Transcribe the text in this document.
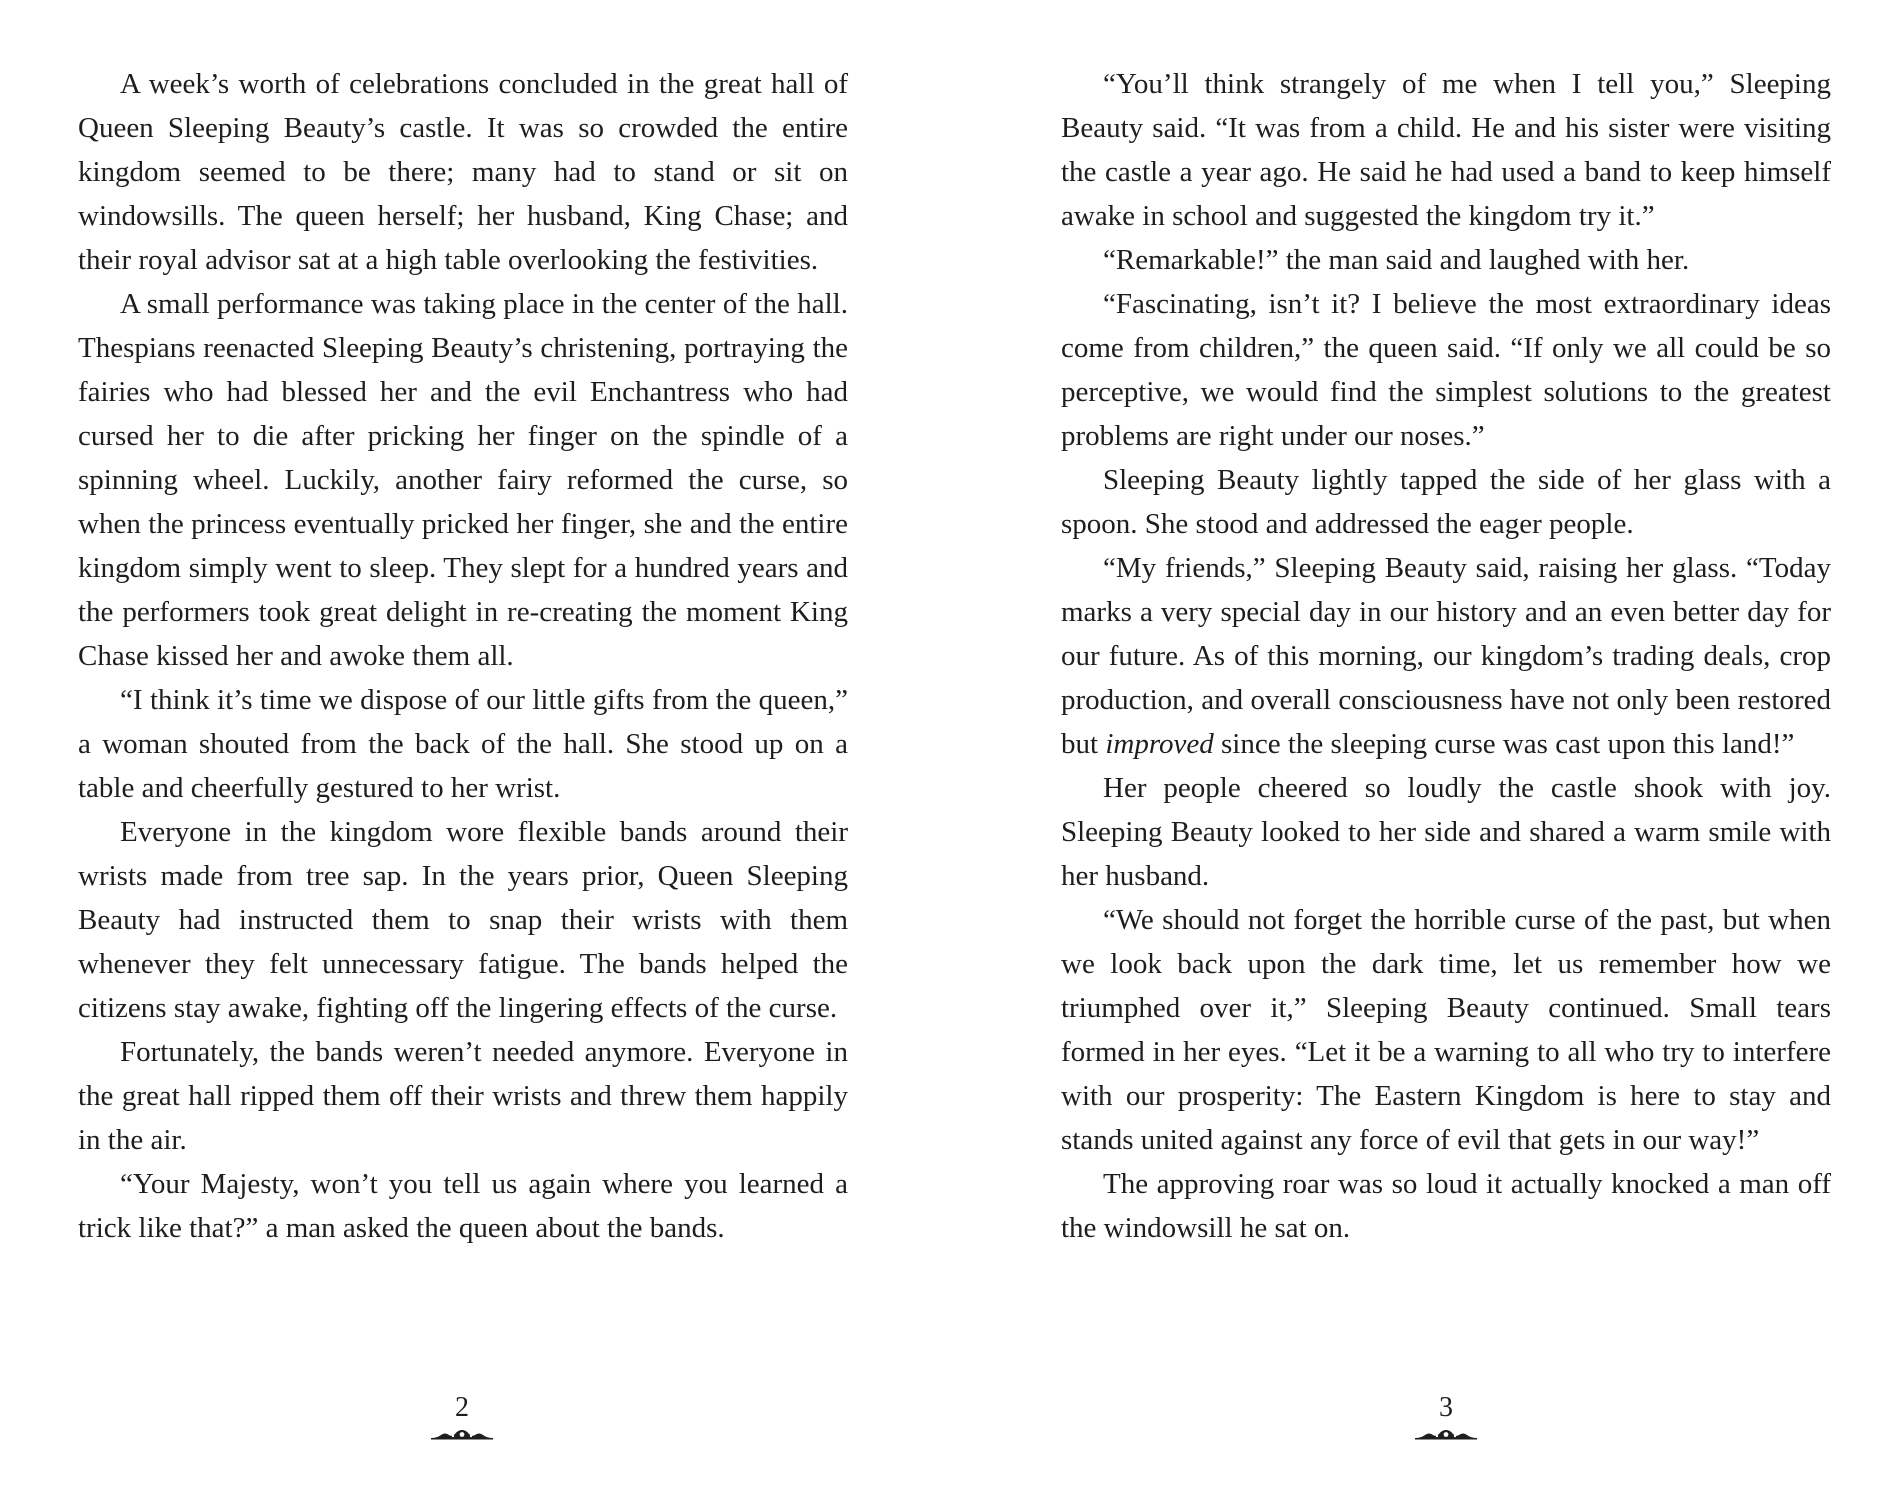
A week’s worth of celebrations concluded in the great hall of Queen Sleeping Beauty’s castle. It was so crowded the entire kingdom seemed to be there; many had to stand or sit on windowsills. The queen herself; her husband, King Chase; and their royal advisor sat at a high table overlooking the festivities.

A small performance was taking place in the center of the hall. Thespians reenacted Sleeping Beauty’s christening, portraying the fairies who had blessed her and the evil Enchantress who had cursed her to die after pricking her finger on the spindle of a spinning wheel. Luckily, another fairy reformed the curse, so when the princess eventually pricked her finger, she and the entire kingdom simply went to sleep. They slept for a hundred years and the performers took great delight in re-creating the moment King Chase kissed her and awoke them all.

“I think it’s time we dispose of our little gifts from the queen,” a woman shouted from the back of the hall. She stood up on a table and cheerfully gestured to her wrist.

Everyone in the kingdom wore flexible bands around their wrists made from tree sap. In the years prior, Queen Sleeping Beauty had instructed them to snap their wrists with them whenever they felt unnecessary fatigue. The bands helped the citizens stay awake, fighting off the lingering effects of the curse.

Fortunately, the bands weren’t needed anymore. Everyone in the great hall ripped them off their wrists and threw them happily in the air.

“Your Majesty, won’t you tell us again where you learned a trick like that?” a man asked the queen about the bands.

2

“You’ll think strangely of me when I tell you,” Sleeping Beauty said. “It was from a child. He and his sister were visiting the castle a year ago. He said he had used a band to keep himself awake in school and suggested the kingdom try it.”

“Remarkable!” the man said and laughed with her.

“Fascinating, isn’t it? I believe the most extraordinary ideas come from children,” the queen said. “If only we all could be so perceptive, we would find the simplest solutions to the greatest problems are right under our noses.”

Sleeping Beauty lightly tapped the side of her glass with a spoon. She stood and addressed the eager people.

“My friends,” Sleeping Beauty said, raising her glass. “Today marks a very special day in our history and an even better day for our future. As of this morning, our kingdom’s trading deals, crop production, and overall consciousness have not only been restored but improved since the sleeping curse was cast upon this land!”

Her people cheered so loudly the castle shook with joy. Sleeping Beauty looked to her side and shared a warm smile with her husband.

“We should not forget the horrible curse of the past, but when we look back upon the dark time, let us remember how we triumphed over it,” Sleeping Beauty continued. Small tears formed in her eyes. “Let it be a warning to all who try to interfere with our prosperity: The Eastern Kingdom is here to stay and stands united against any force of evil that gets in our way!”

The approving roar was so loud it actually knocked a man off the windowsill he sat on.

3
